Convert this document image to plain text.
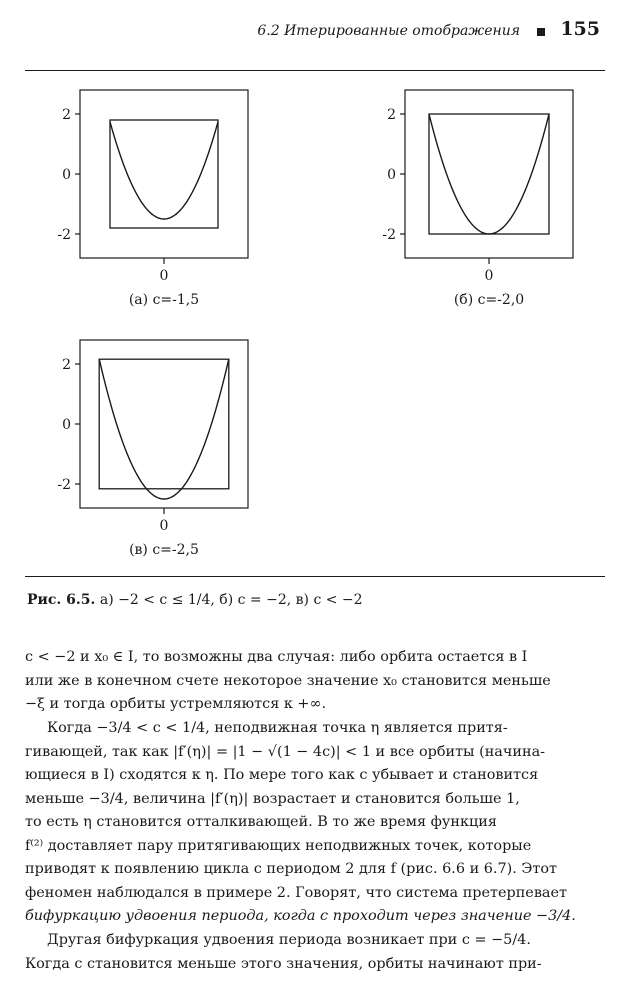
6.2 Итерированные отображения 155
2
0
-2
0
(а) c=-1,5
2
0
-2
0
(б) c=-2,0
2
0
-2
0
(в) c=-2,5
Рис. 6.5. а) −2 < c ≤ 1/4, б) c = −2, в) c < −2
c < −2 и x₀ ∈ I, то возможны два случая: либо орбита остается в I
или же в конечном счете некоторое значение x₀ становится меньше
−ξ и тогда орбиты устремляются к +∞.
Когда −3/4 < c < 1/4, неподвижная точка η является притя-
гивающей, так как |f′(η)| = |1 − √(1 − 4c)| < 1 и все орбиты (начина-
ющиеся в I) сходятся к η. По мере того как c убывает и становится
меньше −3/4, величина |f′(η)| возрастает и становится больше 1,
то есть η становится отталкивающей. В то же время функция
f⁽²⁾ доставляет пару притягивающих неподвижных точек, которые
приводят к появлению цикла с периодом 2 для f (рис. 6.6 и 6.7). Этот
феномен наблюдался в примере 2. Говорят, что система претерпевает
бифуркацию удвоения периода, когда c проходит через значение −3/4.
Другая бифуркация удвоения периода возникает при c = −5/4.
Когда c становится меньше этого значения, орбиты начинают при-
